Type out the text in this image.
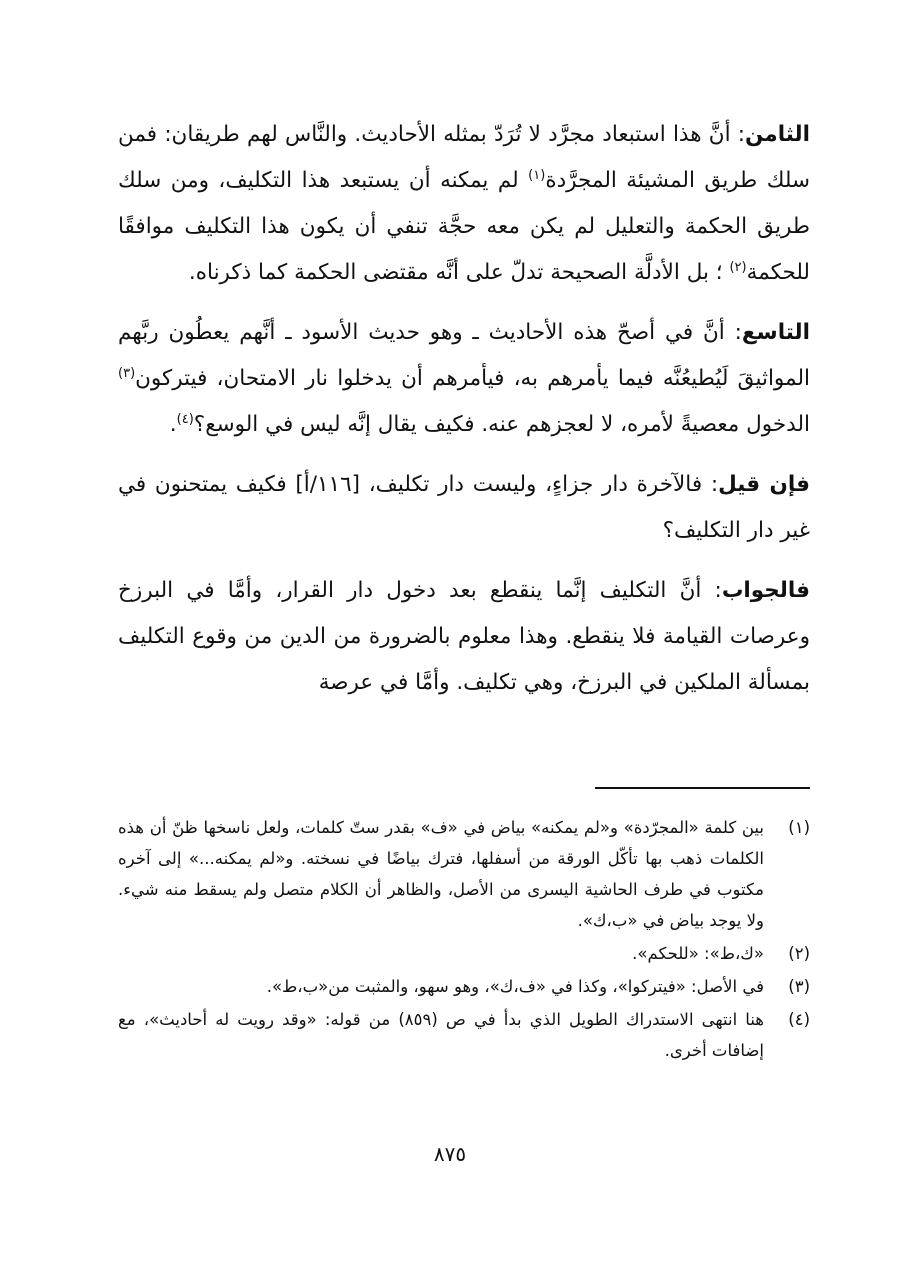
الثامن: أنَّ هذا استبعاد مجرَّد لا تُرَدّ بمثله الأحاديث. والنَّاس لهم طريقان: فمن سلك طريق المشيئة المجرَّدة$^{(١)}$ لم يمكنه أن يستبعد هذا التكليف، ومن سلك طريق الحكمة والتعليل لم يكن معه حجَّة تنفي أن يكون هذا التكليف موافقًا للحكمة$^{(٢)}$ ؛ بل الأدلَّة الصحيحة تدلّ على أنَّه مقتضى الحكمة كما ذكرناه.

التاسع: أنَّ في أصحّ هذه الأحاديث ـ وهو حديث الأسود ـ أنَّهم يعطُون ربَّهم المواثيقَ لَيُطيعُنَّه فيما يأمرهم به، فيأمرهم أن يدخلوا نار الامتحان، فيتركون$^{(٣)}$ الدخول معصيةً لأمره، لا لعجزهم عنه. فكيف يقال إنَّه ليس في الوسع؟$^{(٤)}$.

فإن قيل: فالآخرة دار جزاءٍ، وليست دار تكليف، [١١٦/أ] فكيف يمتحنون في غير دار التكليف؟

فالجواب: أنَّ التكليف إنَّما ينقطع بعد دخول دار القرار، وأمَّا في البرزخ وعرصات القيامة فلا ينقطع. وهذا معلوم بالضرورة من الدين من وقوع التكليف بمسألة الملكين في البرزخ، وهي تكليف. وأمَّا في عرصة

(١)
بين كلمة «المجرّدة» و«لم يمكنه» بياض في «ف» بقدر ستّ كلمات، ولعل ناسخها ظنّ أن هذه الكلمات ذهب بها تأكّل الورقة من أسفلها، فترك بياضًا في نسخته. و«لم يمكنه...» إلى آخره مكتوب في طرف الحاشية اليسرى من الأصل، والظاهر أن الكلام متصل ولم يسقط منه شيء. ولا يوجد بياض في «ب،ك».
(٢)
«ك،ط»: «للحكم».
(٣)
في الأصل: «فيتركوا»، وكذا في «ف،ك»، وهو سهو، والمثبت من«ب،ط».
(٤)
هنا انتهى الاستدراك الطويل الذي بدأ في ص (٨٥٩) من قوله: «وقد رويت له أحاديث»، مع إضافات أخرى.
٨٧٥
